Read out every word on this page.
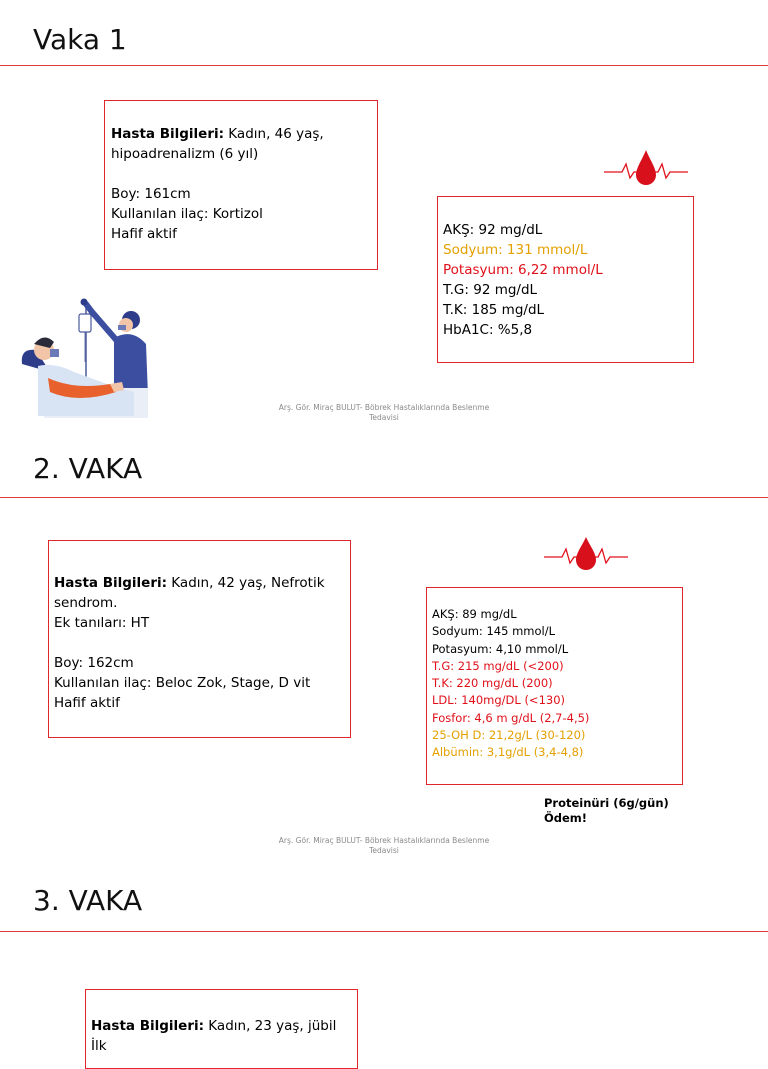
Vaka 1
Hasta Bilgileri: Kadın, 46 yaş,
hipoadrenalizm (6 yıl)
Boy: 161cm
Kullanılan ilaç: Kortizol
Hafif aktif	AKŞ: 92 mg/dL
Sodyum: 131 mmol/L
Potasyum: 6,22 mmol/L
T.G: 92 mg/dL
T.K: 185 mg/dL
HbA1C: %5,8
Arş. Gör. Miraç BULUT- Böbrek Hastalıklarında Beslenme
Tedavisi
2. VAKA
Hasta Bilgileri: Kadın, 42 yaş, Nefrotik
sendrom.
Ek tanıları: HT
Boy: 162cm
Kullanılan ilaç: Beloc Zok, Stage, D vit
Hafif aktif
AKŞ: 89 mg/dL
Sodyum: 145 mmol/L
Potasyum: 4,10 mmol/L
T.G: 215 mg/dL (<200)
T.K: 220 mg/dL (200)
LDL: 140mg/DL (<130)
Fosfor: 4,6 m g/dL (2,7-4,5)
25-OH D: 21,2g/L (30-120)
Albümin: 3,1g/dL (3,4-4,8)
Proteinüri (6g/gün)
Ödem!
Arş. Gör. Miraç BULUT- Böbrek Hastalıklarında Beslenme
Tedavisi
3. VAKA
Hasta Bilgileri: Kadın, 23 yaş, jübil İlk
